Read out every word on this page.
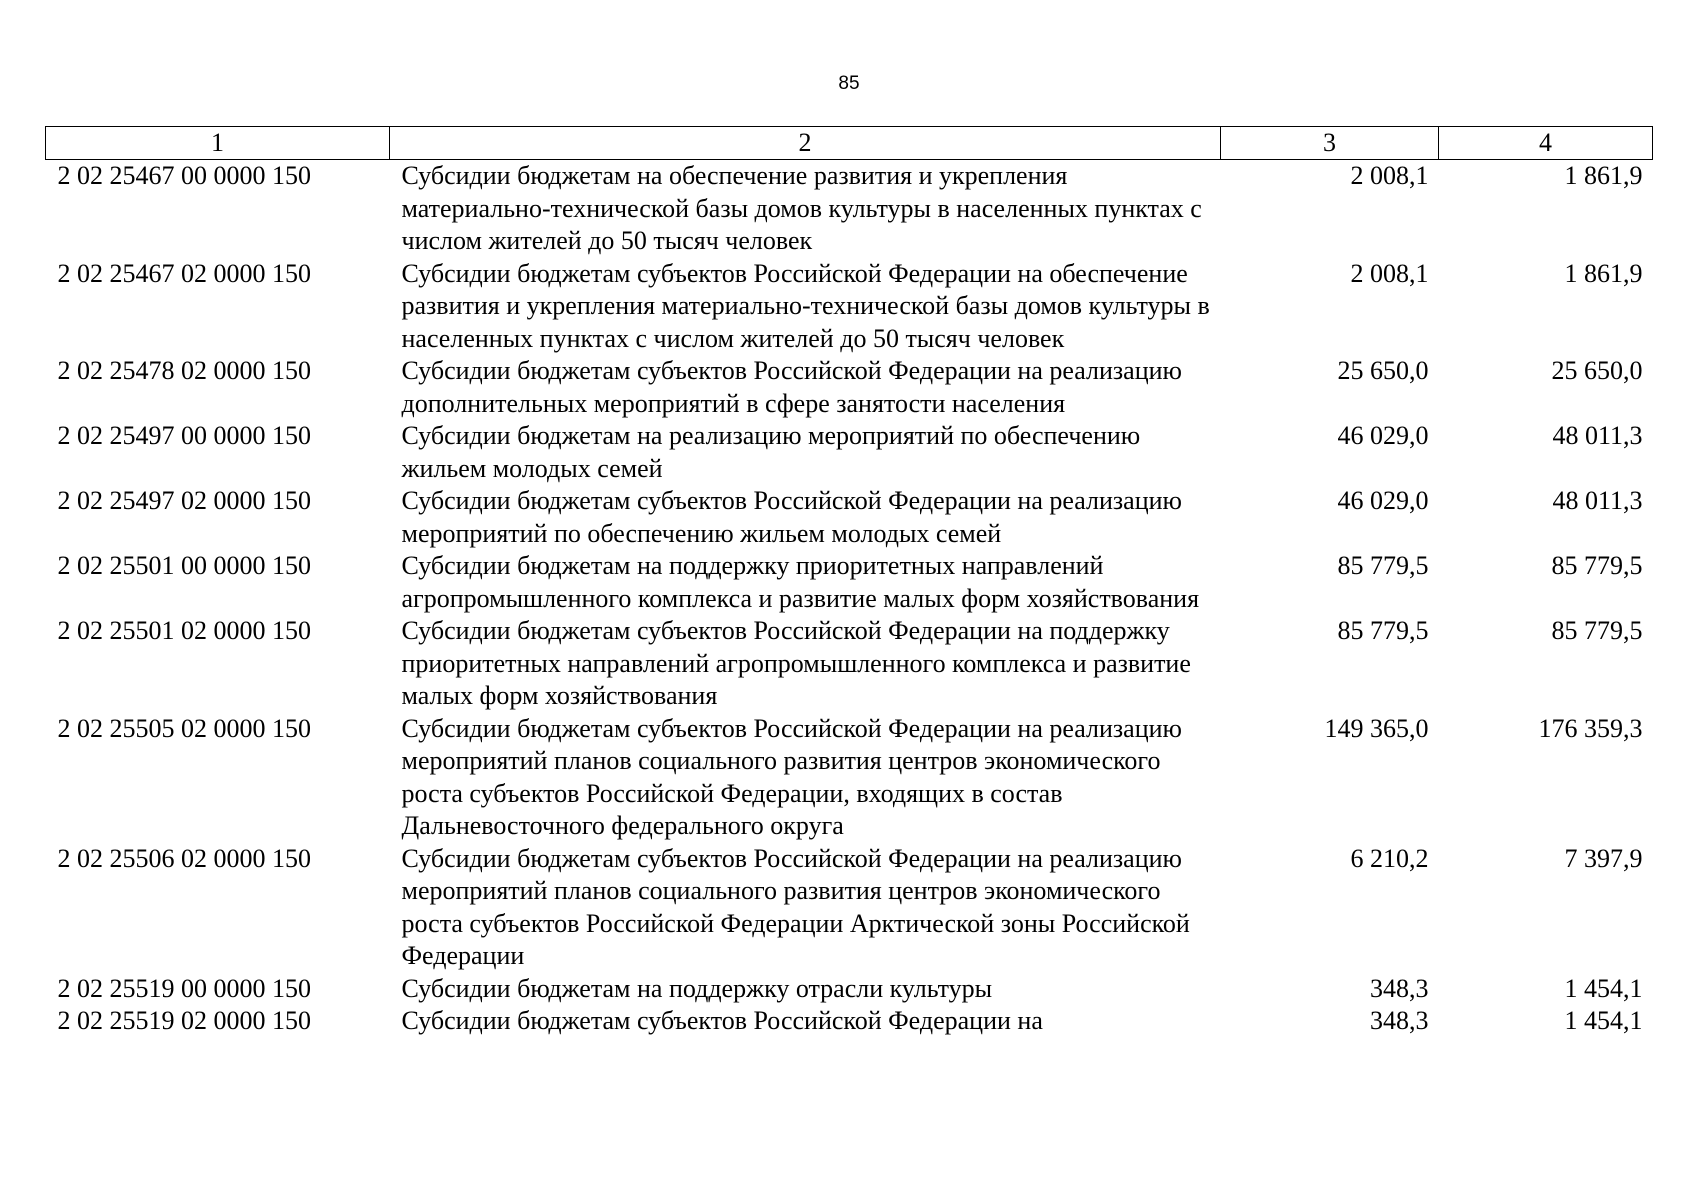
85
1	2	3	4
2 02 25467 00 0000 150	Субсидии бюджетам на обеспечение развития и укрепления материально-технической базы домов культуры в населенных пунктах с числом жителей до 50 тысяч человек	2 008,1	1 861,9
2 02 25467 02 0000 150	Субсидии бюджетам субъектов Российской Федерации на обеспечение развития и укрепления материально-технической базы домов культуры в населенных пунктах с числом жителей до 50 тысяч человек	2 008,1	1 861,9
2 02 25478 02 0000 150	Субсидии бюджетам субъектов Российской Федерации на реализацию дополнительных мероприятий в сфере занятости населения	25 650,0	25 650,0
2 02 25497 00 0000 150	Субсидии бюджетам на реализацию мероприятий по обеспечению жильем молодых семей	46 029,0	48 011,3
2 02 25497 02 0000 150	Субсидии бюджетам субъектов Российской Федерации на реализацию мероприятий по обеспечению жильем молодых семей	46 029,0	48 011,3
2 02 25501 00 0000 150	Субсидии бюджетам на поддержку приоритетных направлений агропромышленного комплекса и развитие малых форм хозяйствования	85 779,5	85 779,5
2 02 25501 02 0000 150	Субсидии бюджетам субъектов Российской Федерации на поддержку приоритетных направлений агропромышленного комплекса и развитие малых форм хозяйствования	85 779,5	85 779,5
2 02 25505 02 0000 150	Субсидии бюджетам субъектов Российской Федерации на реализацию мероприятий планов социального развития центров экономического роста субъектов Российской Федерации, входящих в состав Дальневосточного федерального округа	149 365,0	176 359,3
2 02 25506 02 0000 150	Субсидии бюджетам субъектов Российской Федерации на реализацию мероприятий планов социального развития центров экономического роста субъектов Российской Федерации Арктической зоны Российской Федерации	6 210,2	7 397,9
2 02 25519 00 0000 150	Субсидии бюджетам на поддержку отрасли культуры	348,3	1 454,1
2 02 25519 02 0000 150	Субсидии бюджетам субъектов Российской Федерации на	348,3	1 454,1
